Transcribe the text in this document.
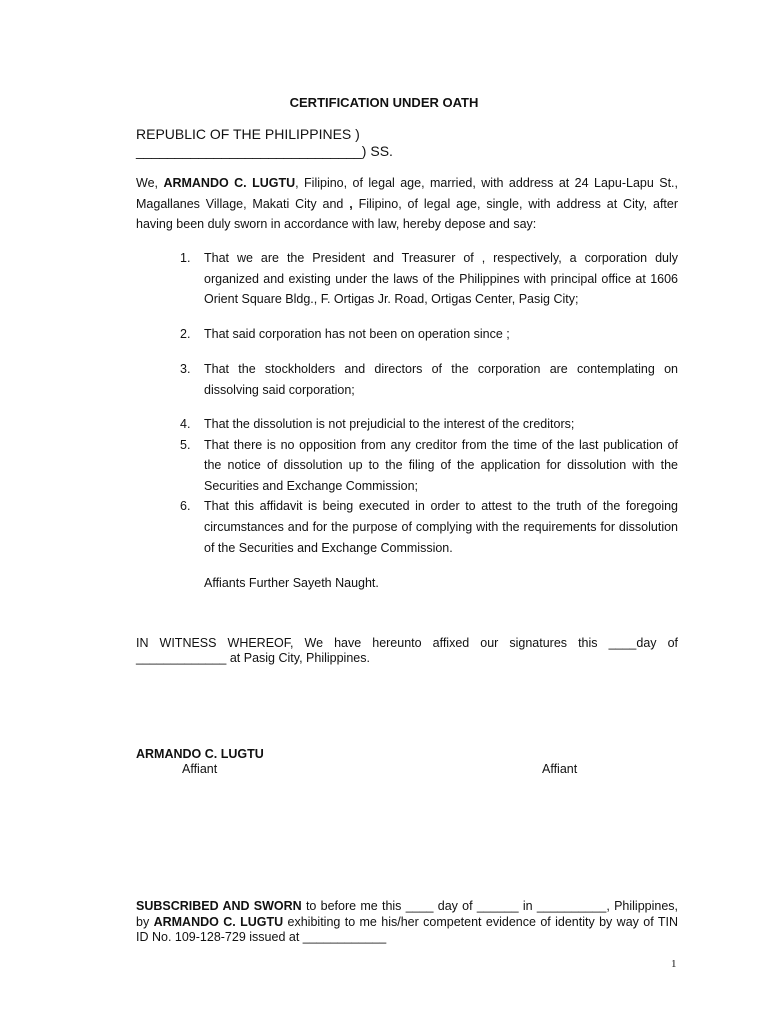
CERTIFICATION UNDER OATH
REPUBLIC OF THE PHILIPPINES )
_____________________________) SS.

We, ARMANDO C. LUGTU, Filipino, of legal age, married, with address at 24 Lapu-Lapu St., Magallanes Village, Makati City and , Filipino, of legal age, single, with address at City, after having been duly sworn in accordance with law, hereby depose and say:

1. That we are the President and Treasurer of , respectively, a corporation duly organized and existing under the laws of the Philippines with principal office at 1606 Orient Square Bldg., F. Ortigas Jr. Road, Ortigas Center, Pasig City;
2. That said corporation has not been on operation since ;
3. That the stockholders and directors of the corporation are contemplating on dissolving said corporation;
4. That the dissolution is not prejudicial to the interest of the creditors;
5. That there is no opposition from any creditor from the time of the last publication of the notice of dissolution up to the filing of the application for dissolution with the Securities and Exchange Commission;
6. That this affidavit is being executed in order to attest to the truth of the foregoing circumstances and for the purpose of complying with the requirements for dissolution of the Securities and Exchange Commission.
Affiants Further Sayeth Naught.

IN WITNESS WHEREOF, We have hereunto affixed our signatures this ____day of _____________ at Pasig City, Philippines.

ARMANDO C. LUGTU
Affiant	Affiant

SUBSCRIBED AND SWORN to before me this ____ day of ______ in __________, Philippines, by ARMANDO C. LUGTU exhibiting to me his/her competent evidence of identity by way of TIN ID No. 109-128-729 issued at ____________

1
